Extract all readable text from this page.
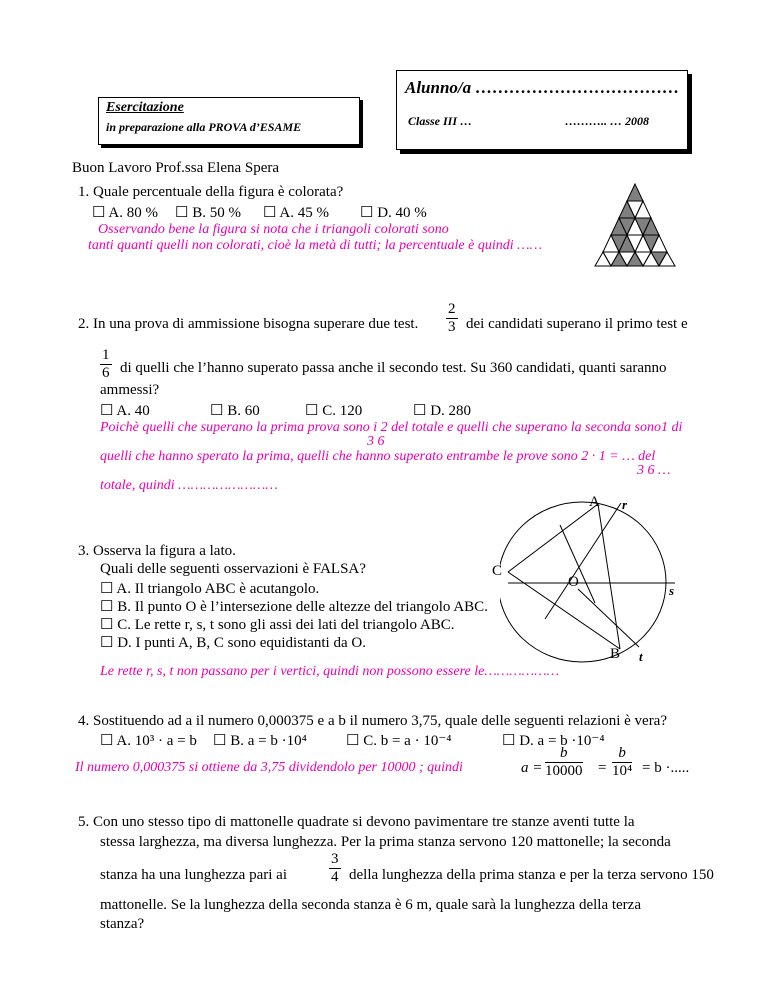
Alunno/a ………………………………
Classe III …	……….. … 2008
Esercitazione
in preparazione alla PROVA d’ESAME
Buon Lavoro Prof.ssa Elena Spera
1. Quale percentuale della figura è colorata?
☐ A. 80 % ☐ B. 50 % ☐ A. 45 % ☐ D. 40 %
Osservando bene la figura si nota che i triangoli colorati sono
tanti quanti quelli non colorati, cioè la metà di tutti; la percentuale è quindi ……
2. In una prova di ammissione bisogna superare due test. $\frac{2}{3}$ dei candidati superano il primo test e
$\frac{1}{6}$ di quelli che l’hanno superato passa anche il secondo test. Su 360 candidati, quanti saranno
ammessi?
☐ A. 40	☐ B. 60	☐ C. 120	☐ D. 280
Poichè quelli che superano la prima prova sono i 2 del totale e quelli che superano la seconda sono1 di
3 6
quelli che hanno sperato la prima, quelli che hanno superato entrambe le prove sono 2 · 1 = … del
3 6 …
totale, quindi ……………………
A r
C
O
s
B t
3. Osserva la figura a lato.
Quali delle seguenti osservazioni è FALSA?
☐ A. Il triangolo ABC è acutangolo.
☐ B. Il punto O è l’intersezione delle altezze del triangolo ABC.
☐ C. Le rette r, s, t sono gli assi dei lati del triangolo ABC.
☐ D. I punti A, B, C sono equidistanti da O.
Le rette r, s, t non passano per i vertici, quindi non possono essere le………………
4. Sostituendo ad a il numero 0,000375 e a b il numero 3,75, quale delle seguenti relazioni è vera?
☐ A. 10³ · a = b ☐ B. a = b ·10⁴	☐ C. b = a · 10⁻⁴	☐ D. a = b ·10⁻⁴
Il numero 0,000375 si ottiene da 3,75 dividendolo per 10000 ; quindi	$a = \frac{b}{10000} = \frac{b}{\text{10⁴}} = b$ ·.....
5. Con uno stesso tipo di mattonelle quadrate si devono pavimentare tre stanze aventi tutte la
stessa larghezza, ma diversa lunghezza. Per la prima stanza servono 120 mattonelle; la seconda
stanza ha una lunghezza pari ai	$\frac{3}{4}$ della lunghezza della prima stanza e per la terza servono 150
mattonelle. Se la lunghezza della seconda stanza è 6 m, quale sarà la lunghezza della terza
stanza?
